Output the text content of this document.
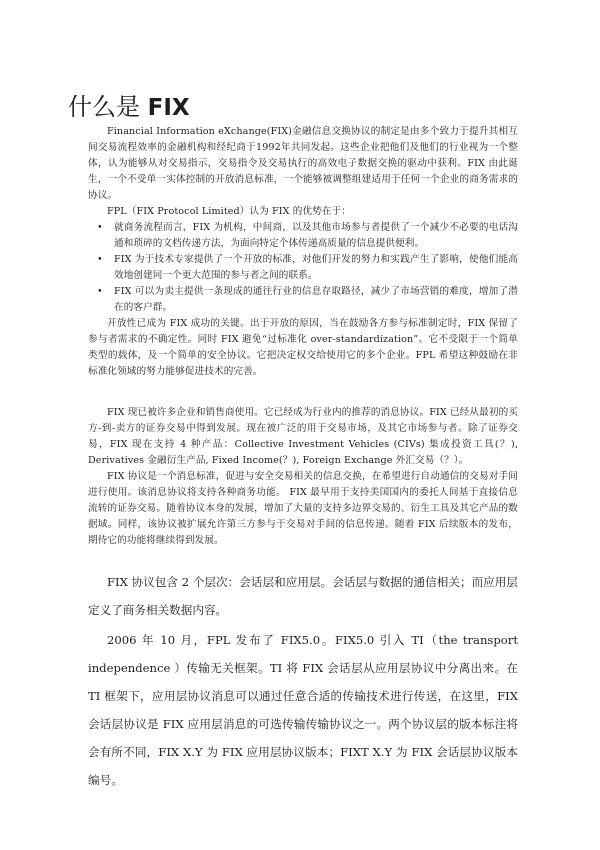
什么是 FIX

Financial Information eXchange(FIX)金融信息交换协议的制定是由多个致力于提升其相互间交易流程效率的金融机构和经纪商于1992年共同发起。这些企业把他们及他们的行业视为一个整体，认为能够从对交易指示，交易指令及交易执行的高效电子数据交换的驱动中获利。FIX 由此诞生，一个不受单一实体控制的开放消息标准，一个能够被调整组建适用于任何一个企业的商务需求的协议。

FPL（FIX Protocol Limited）认为 FIX 的优势在于：

• 就商务流程而言，FIX 为机构，中间商，以及其他市场参与者提供了一个减少不必要的电话沟通和琐碎的文档传递方法，为面向特定个体传递高质量的信息提供便利。
• FIX 为于技术专家提供了一个开放的标准，对他们开发的努力和实践产生了影响，使他们能高效地创建同一个更大范围的参与者之间的联系。
• FIX 可以为卖主提供一条现成的通往行业的信息存取路径，减少了市场营销的难度，增加了潜在的客户群。

开放性已成为 FIX 成功的关键。出于开放的原因，当在鼓励各方参与标准制定时，FIX 保留了参与者需求的不确定性。同时 FIX 避免“过标准化 over-standardization”。它不受限于一个简单类型的载体，及一个简单的安全协议。它把决定权交给使用它的多个企业。FPL 希望这种鼓励在非标准化领域的努力能够促进技术的完善。

FIX 现已被许多企业和销售商使用。它已经成为行业内的推荐的消息协议。FIX 已经从最初的买方-到-卖方的证券交易中得到发展。现在被广泛的用于交易市场，及其它市场参与者。除了证券交易，FIX 现在支持 4 种产品：Collective Investment Vehicles (CIVs) 集成投资工具(？), Derivatives 金融衍生产品, Fixed Income(？), Foreign Exchange 外汇交易（？）。

FIX 协议是一个消息标准，促进与安全交易相关的信息交换，在希望进行自动通信的交易对手间进行使用。该消息协议将支持各种商务功能。 FIX 最早用于支持美国国内的委托人间基于直接信息流转的证券交易。随着协议本身的发展，增加了大量的支持多边界交易的、衍生工具及其它产品的数据域。同样，该协议被扩展允许第三方参与于交易对手间的信息传递。随着 FIX 后续版本的发布，期待它的功能将继续得到发展。

FIX 协议包含 2 个层次：会话层和应用层。会话层与数据的通信相关；而应用层定义了商务相关数据内容。

2006 年 10 月，FPL 发布了 FIX5.0。FIX5.0 引入 TI（the transport independence ）传输无关框架。TI 将 FIX 会话层从应用层协议中分离出来。在 TI 框架下，应用层协议消息可以通过任意合适的传输技术进行传送，在这里，FIX 会话层协议是 FIX 应用层消息的可选传输传输协议之一。两个协议层的版本标注将会有所不同，FIX X.Y 为 FIX 应用层协议版本；FIXT X.Y 为 FIX 会话层协议版本编号。
